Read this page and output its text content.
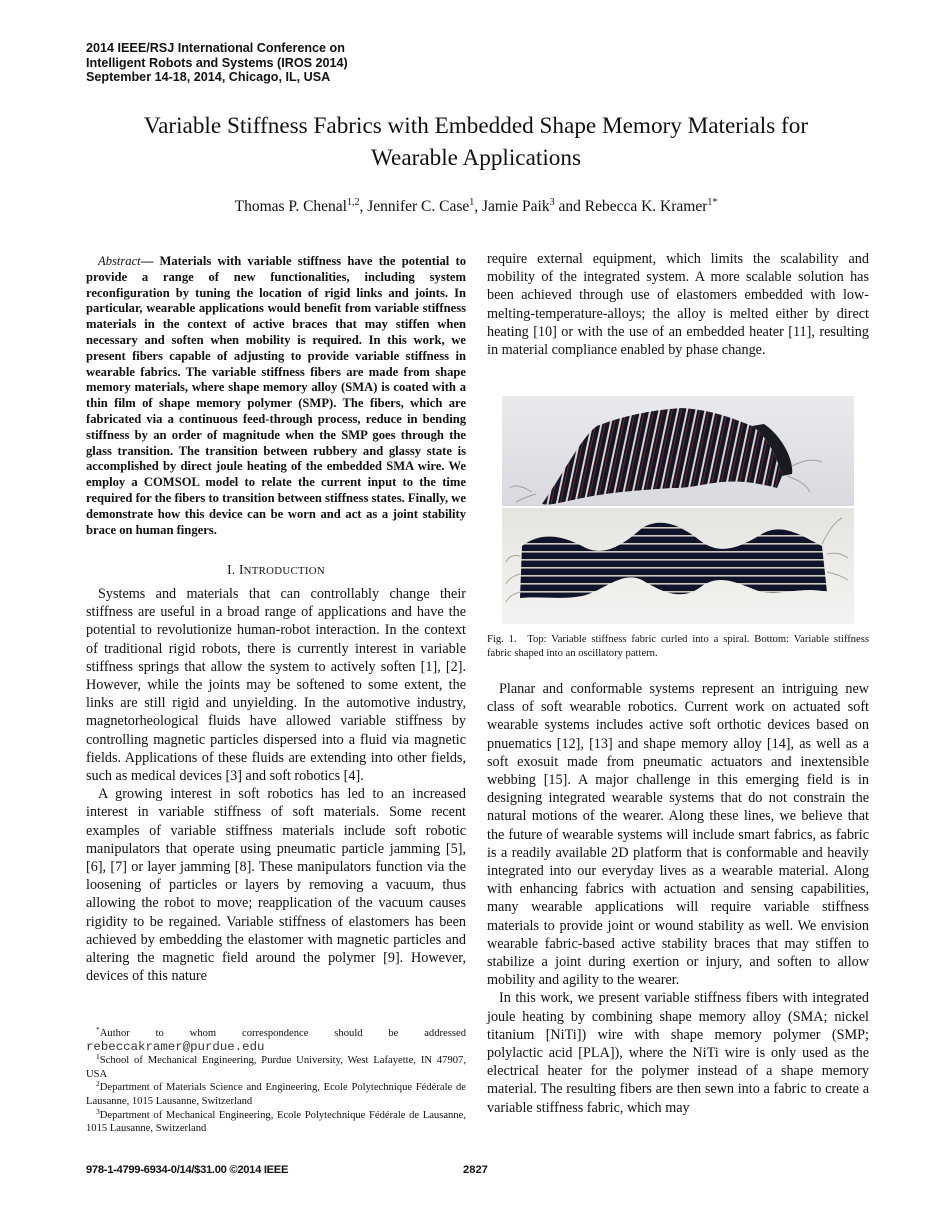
2014 IEEE/RSJ International Conference on
Intelligent Robots and Systems (IROS 2014)
September 14-18, 2014, Chicago, IL, USA
Variable Stiffness Fabrics with Embedded Shape Memory Materials for
Wearable Applications
Thomas P. Chenal$^{1,2}$, Jennifer C. Case$^1$, Jamie Paik$^3$ and Rebecca K. Kramer$^{1*}$
Abstract— Materials with variable stiffness have the potential to provide a range of new functionalities, including system reconfiguration by tuning the location of rigid links and joints. In particular, wearable applications would benefit from variable stiffness materials in the context of active braces that may stiffen when necessary and soften when mobility is required. In this work, we present fibers capable of adjusting to provide variable stiffness in wearable fabrics. The variable stiffness fibers are made from shape memory materials, where shape memory alloy (SMA) is coated with a thin film of shape memory polymer (SMP). The fibers, which are fabricated via a continuous feed-through process, reduce in bending stiffness by an order of magnitude when the SMP goes through the glass transition. The transition between rubbery and glassy state is accomplished by direct joule heating of the embedded SMA wire. We employ a COMSOL model to relate the current input to the time required for the fibers to transition between stiffness states. Finally, we demonstrate how this device can be worn and act as a joint stability brace on human fingers.
I. INTRODUCTION

Systems and materials that can controllably change their stiffness are useful in a broad range of applications and have the potential to revolutionize human-robot interaction. In the context of traditional rigid robots, there is currently interest in variable stiffness springs that allow the system to actively soften [1], [2]. However, while the joints may be softened to some extent, the links are still rigid and unyielding. In the automotive industry, magnetorheological fluids have allowed variable stiffness by controlling magnetic particles dispersed into a fluid via magnetic fields. Applications of these fluids are extending into other fields, such as medical devices [3] and soft robotics [4].

A growing interest in soft robotics has led to an increased interest in variable stiffness of soft materials. Some recent examples of variable stiffness materials include soft robotic manipulators that operate using pneumatic particle jamming [5], [6], [7] or layer jamming [8]. These manipulators function via the loosening of particles or layers by removing a vacuum, thus allowing the robot to move; reapplication of the vacuum causes rigidity to be regained. Variable stiffness of elastomers has been achieved by embedding the elastomer with magnetic particles and altering the magnetic field around the polymer [9]. However, devices of this nature

*Author to whom correspondence should be addressed rebeccakramer@purdue.edu

$^1$School of Mechanical Engineering, Purdue University, West Lafayette, IN 47907, USA

$^2$Department of Materials Science and Engineering, Ecole Polytechnique Fédérale de Lausanne, 1015 Lausanne, Switzerland

$^3$Department of Mechanical Engineering, Ecole Polytechnique Fédérale de Lausanne, 1015 Lausanne, Switzerland

require external equipment, which limits the scalability and mobility of the integrated system. A more scalable solution has been achieved through use of elastomers embedded with low-melting-temperature-alloys; the alloy is melted either by direct heating [10] or with the use of an embedded heater [11], resulting in material compliance enabled by phase change.

Fig. 1. Top: Variable stiffness fabric curled into a spiral. Bottom: Variable stiffness fabric shaped into an oscillatory pattern.

Planar and conformable systems represent an intriguing new class of soft wearable robotics. Current work on actuated soft wearable systems includes active soft orthotic devices based on pnuematics [12], [13] and shape memory alloy [14], as well as a soft exosuit made from pneumatic actuators and inextensible webbing [15]. A major challenge in this emerging field is in designing integrated wearable systems that do not constrain the natural motions of the wearer. Along these lines, we believe that the future of wearable systems will include smart fabrics, as fabric is a readily available 2D platform that is conformable and heavily integrated into our everyday lives as a wearable material. Along with enhancing fabrics with actuation and sensing capabilities, many wearable applications will require variable stiffness materials to provide joint or wound stability as well. We envision wearable fabric-based active stability braces that may stiffen to stabilize a joint during exertion or injury, and soften to allow mobility and agility to the wearer.

In this work, we present variable stiffness fibers with integrated joule heating by combining shape memory alloy (SMA; nickel titanium [NiTi]) wire with shape memory polymer (SMP; polylactic acid [PLA]), where the NiTi wire is only used as the electrical heater for the polymer instead of a shape memory material. The resulting fibers are then sewn into a fabric to create a variable stiffness fabric, which may

978-1-4799-6934-0/14/$31.00 ©2014 IEEE	2827
